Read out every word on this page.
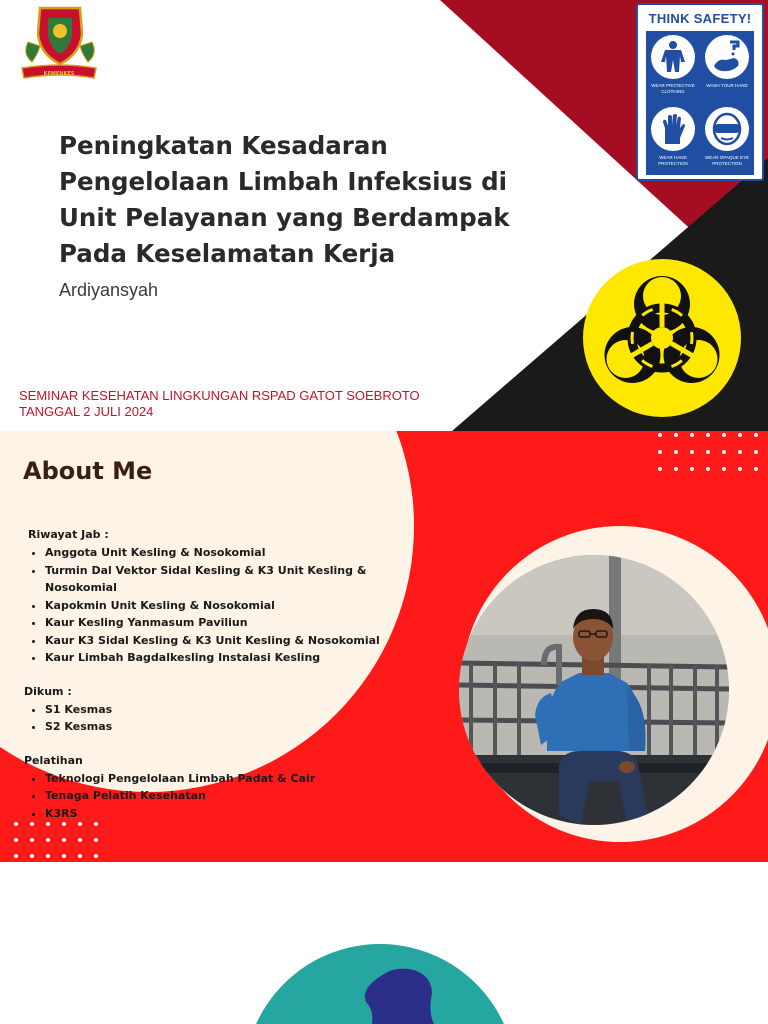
KEMENKES
THINK SAFETY!
WEAR PROTECTIVE CLOTHING
WASH YOUR HAND
WEAR HAND PROTECTION
WEAR OPAQUE EYE PROTECTION
Peningkatan Kesadaran Pengelolaan Limbah Infeksius di Unit Pelayanan yang Berdampak Pada Keselamatan Kerja
Ardiyansyah
SEMINAR KESEHATAN LINGKUNGAN RSPAD GATOT SOEBROTO
TANGGAL 2 JULI 2024
About Me

Riwayat Jab :

• Anggota Unit Kesling & Nosokomial
• Turmin Dal Vektor Sidal Kesling & K3 Unit Kesling & Nosokomial
• Kapokmin Unit Kesling & Nosokomial
• Kaur Kesling Yanmasum Paviliun
• Kaur K3 Sidal Kesling & K3 Unit Kesling & Nosokomial
• Kaur Limbah Bagdalkesling Instalasi Kesling

Dikum :

• S1 Kesmas
• S2 Kesmas

Pelatihan

• Teknologi Pengelolaan Limbah Padat & Cair
• Tenaga Pelatih Kesehatan
• K3RS
